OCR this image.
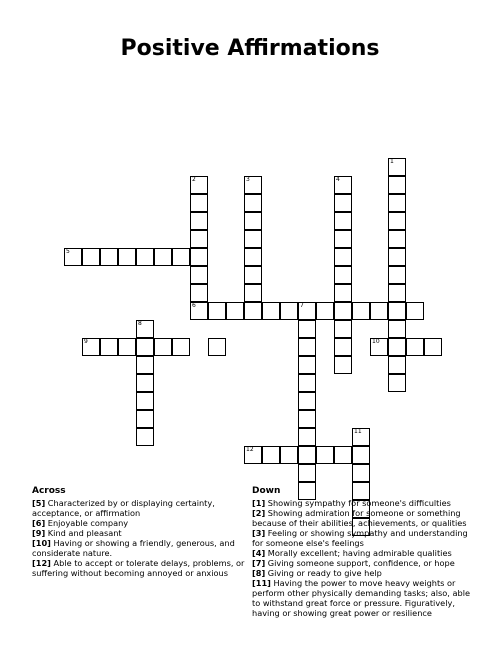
Positive Affirmations
1
2
6
3	4
7
8
11
5
9	10
12
Across
[5] Characterized by or displaying certainty, acceptance, or affirmation
[6] Enjoyable company
[9] Kind and pleasant
[10] Having or showing a friendly, generous, and considerate nature.
[12] Able to accept or tolerate delays, problems, or suffering without becoming annoyed or anxious
Down
[1] Showing sympathy for someone's difficulties
[2] Showing admiration for someone or something because of their abilities, achievements, or qualities
[3] Feeling or showing sympathy and understanding for someone else's feelings
[4] Morally excellent; having admirable qualities
[7] Giving someone support, confidence, or hope
[8] Giving or ready to give help
[11] Having the power to move heavy weights or perform other physically demanding tasks; also, able to withstand great force or pressure. Figuratively, having or showing great power or resilience
